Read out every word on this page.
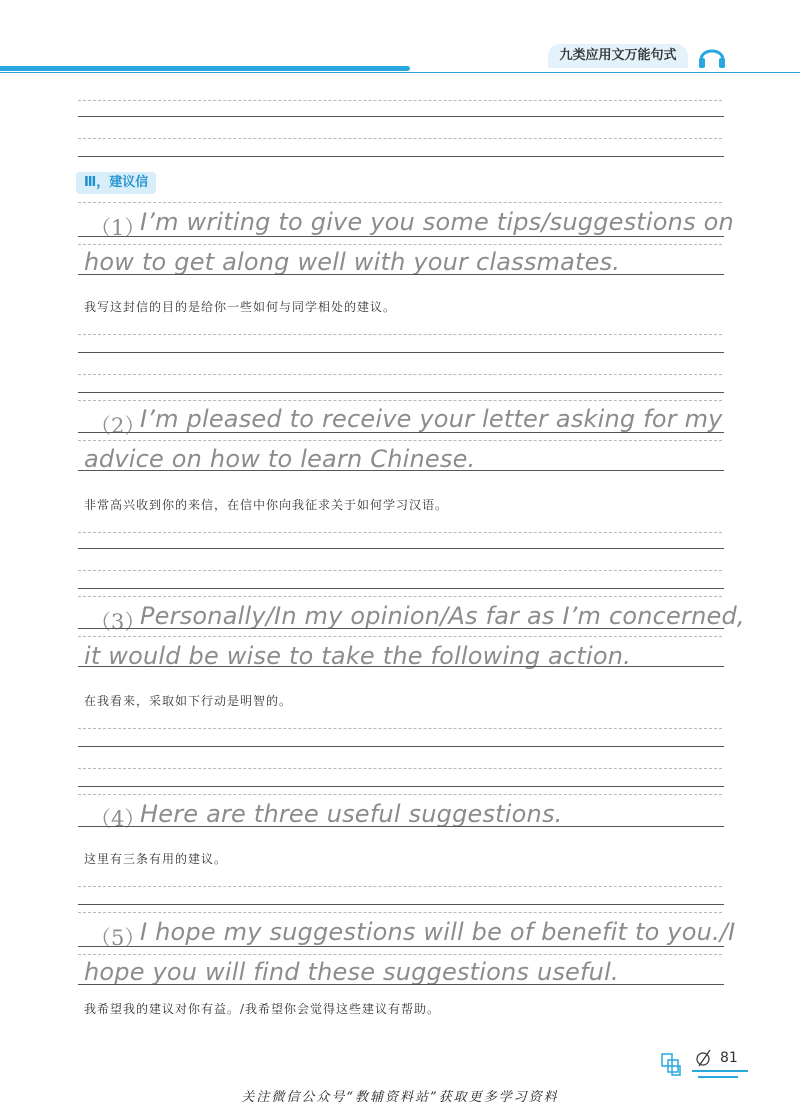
九类应用文万能句式
Ⅲ，建议信
（1）
I’m writing to give you some tips/suggestions on
how to get along well with your classmates.
我写这封信的目的是给你一些如何与同学相处的建议。
（2）
I’m pleased to receive your letter asking for my
advice on how to learn Chinese.
非常高兴收到你的来信，在信中你向我征求关于如何学习汉语。
（3）
Personally/In my opinion/As far as I’m concerned,
it would be wise to take the following action.
在我看来，采取如下行动是明智的。
（4）
Here are three useful suggestions.
这里有三条有用的建议。
（5）
I hope my suggestions will be of benefit to you./I
hope you will find these suggestions useful.
我希望我的建议对你有益。/我希望你会觉得这些建议有帮助。
81
关注微信公众号“教辅资料站”获取更多学习资料
